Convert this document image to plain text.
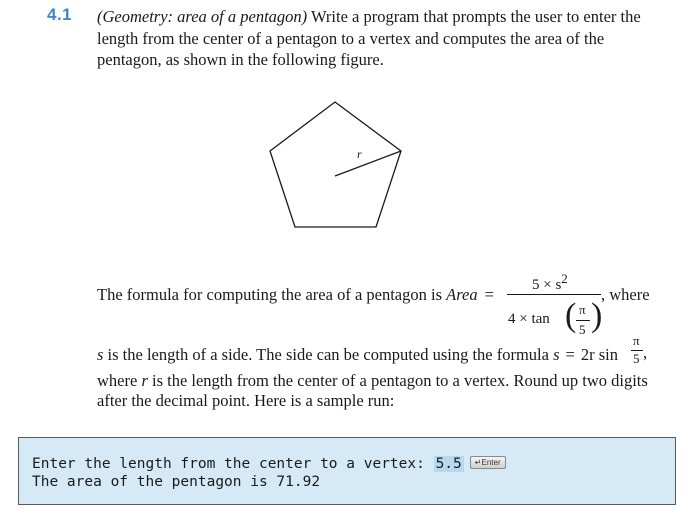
4.1 (Geometry: area of a pentagon) Write a program that prompts the user to enter the length from the center of a pentagon to a vertex and computes the area of the pentagon, as shown in the following figure.
r
The formula for computing the area of a pentagon is Area =	$5 \times s^2$
4 × tan ( π
5 )
, where
s is the length of a side. The side can be computed using the formula s = 2r sin
π
5 ,
where r is the length from the center of a pentagon to a vertex. Round up two digits
after the decimal point. Here is a sample run:
Enter the length from the center to a vertex: 5.5 ↵Enter
The area of the pentagon is 71.92
